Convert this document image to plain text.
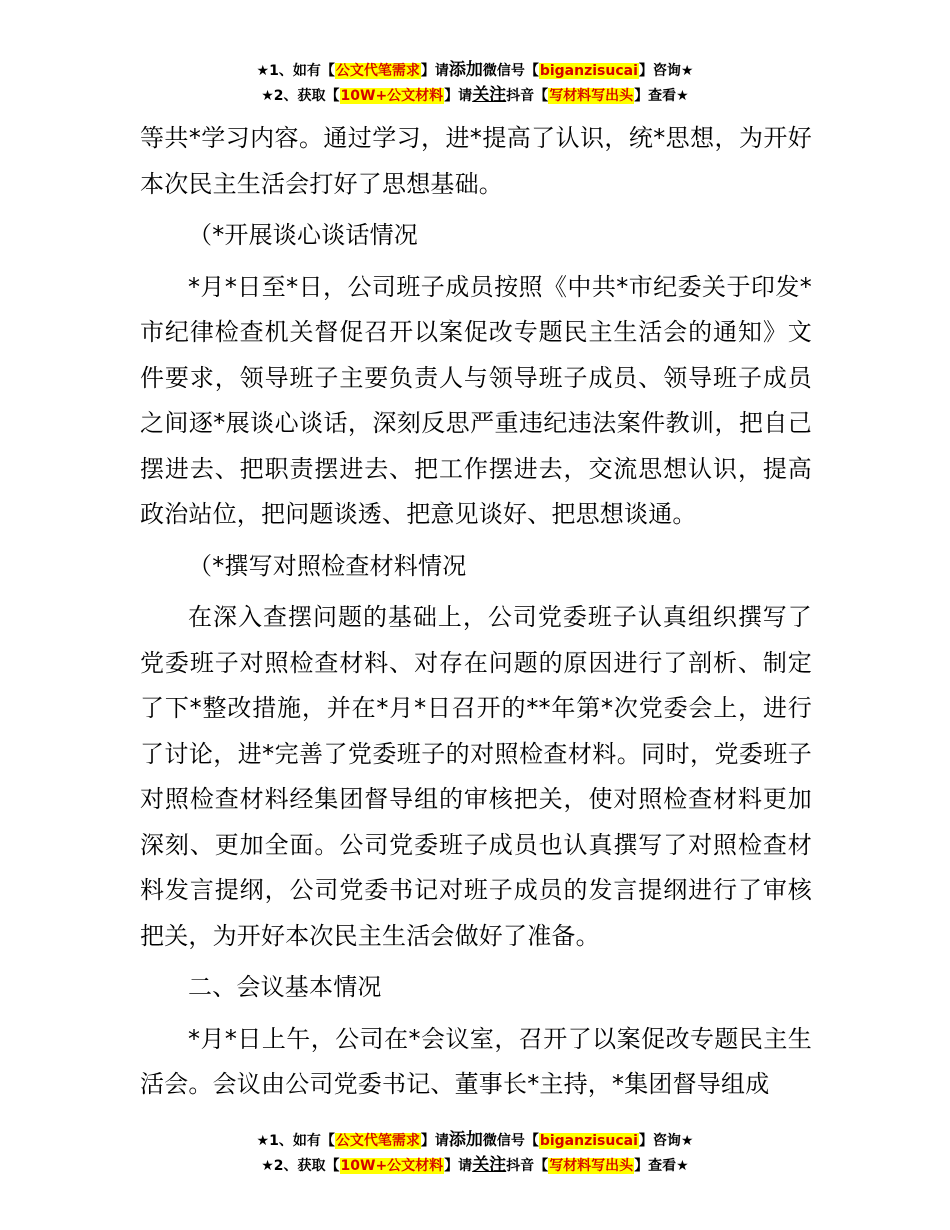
★1、如有【公文代笔需求】请添加微信号【biganzisucai】咨询★
★2、获取【10W+公文材料】请关注抖音【写材料写出头】查看★

等共*学习内容。通过学习，进*提高了认识，统*思想，为开好本次民主生活会打好了思想基础。

（*开展谈心谈话情况

*月*日至*日，公司班子成员按照《中共*市纪委关于印发*市纪律检查机关督促召开以案促改专题民主生活会的通知》文件要求，领导班子主要负责人与领导班子成员、领导班子成员之间逐*展谈心谈话，深刻反思严重违纪违法案件教训，把自己摆进去、把职责摆进去、把工作摆进去，交流思想认识，提高政治站位，把问题谈透、把意见谈好、把思想谈通。

（*撰写对照检查材料情况

在深入查摆问题的基础上，公司党委班子认真组织撰写了党委班子对照检查材料、对存在问题的原因进行了剖析、制定了下*整改措施，并在*月*日召开的**年第*次党委会上，进行了讨论，进*完善了党委班子的对照检查材料。同时，党委班子对照检查材料经集团督导组的审核把关，使对照检查材料更加深刻、更加全面。公司党委班子成员也认真撰写了对照检查材料发言提纲，公司党委书记对班子成员的发言提纲进行了审核把关，为开好本次民主生活会做好了准备。

二、会议基本情况

*月*日上午，公司在*会议室，召开了以案促改专题民主生活会。会议由公司党委书记、董事长*主持，*集团督导组成

★1、如有【公文代笔需求】请添加微信号【biganzisucai】咨询★
★2、获取【10W+公文材料】请关注抖音【写材料写出头】查看★
